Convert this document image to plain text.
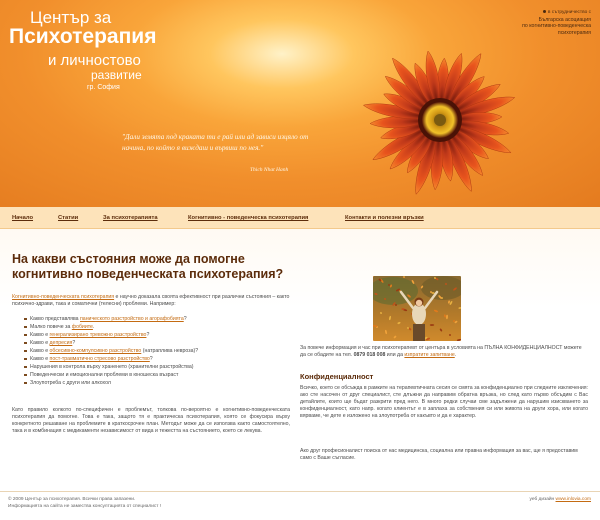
Център за
Психотерапия
и личностово
развитие
гр. София
"Дали земята под краката ти е рай или ад зависи изцяло от начина, по който я виждаш и вървиш по нея."
Thich Nhat Hanh
в сътрудничество с
Българска асоциация
по когнитивно-поведенческа
психотерапия
Начало	Статии	За психотерапията	Когнитивно - поведенческа психотерапия	Контакти и полезни връзки
На какви състояния може да помогне когнитивно поведенческата психотерапия?
Когнитивно-поведенческата психотерапия е научно доказала своята ефективност при различни състояния – както психично-здрави, така и соматични (телесни) проблеми. Например:
Какво представлява паническото разстройство и агорафобията?
Малко повече за фобиите.
Какво е генерализирано тревожно разстройство?
Какво е депресия?
Какво е обсесивно-компулсивно разстройство (натраплива невроза)?
Какво е пост-травматично стресово разстройство?
Нарушения в контрола върху храненето (хранителни разстройства)
Поведенчески и емоционални проблеми в юношеска възраст
Злоупотреба с други или алкохол
Като правило колкото по-специфичен е проблемът, толкова по-вероятно е когнитивно-поведенческата психотерапия да помогне. Това е така, защото тя е практическа психотерапия, която се фокусира върху конкретното решаване на проблемите в краткосрочен план. Методът може да се използва както самостоятелно, така и в комбинация с медикаменти независимост от вида и тежестта на състоянието, което се лекува.
За повече информация и час при психотерапевт от центъра в условията на ПЪЛНА КОНФИДЕНЦИАЛНОСТ можете да се обадите на тел. 0879 018 008 или да изпратите запитване.
Конфиденциалност
Всичко, което се обсъжда в рамките на терапевтичната сесия се смята за конфиденциално при следните изключения: ако сте насочен от друг специалист, сте длъжни да направим обратна връзка, но след като първо обсъдим с Вас детайлите, които ще бъдат разкрити пред него. В много редки случаи сме задължени да нарушим изискването за конфиденциалност, като напр. когато клиентът е в заплаха за собствения си или живота на други хора, или когато вярваме, че дете е изложено на злоупотреба от какъвто и да е характер.
Ако друг професионалист поиска от нас медицинска, социална или правна информация за вас, ще я предоставим само с Ваше съгласие.
© 2009 Център за психотерапия. Всички права запазени.
Информацията на сайта не замества консултацията от специалист !
уеб дизайн www.inlovia.com
